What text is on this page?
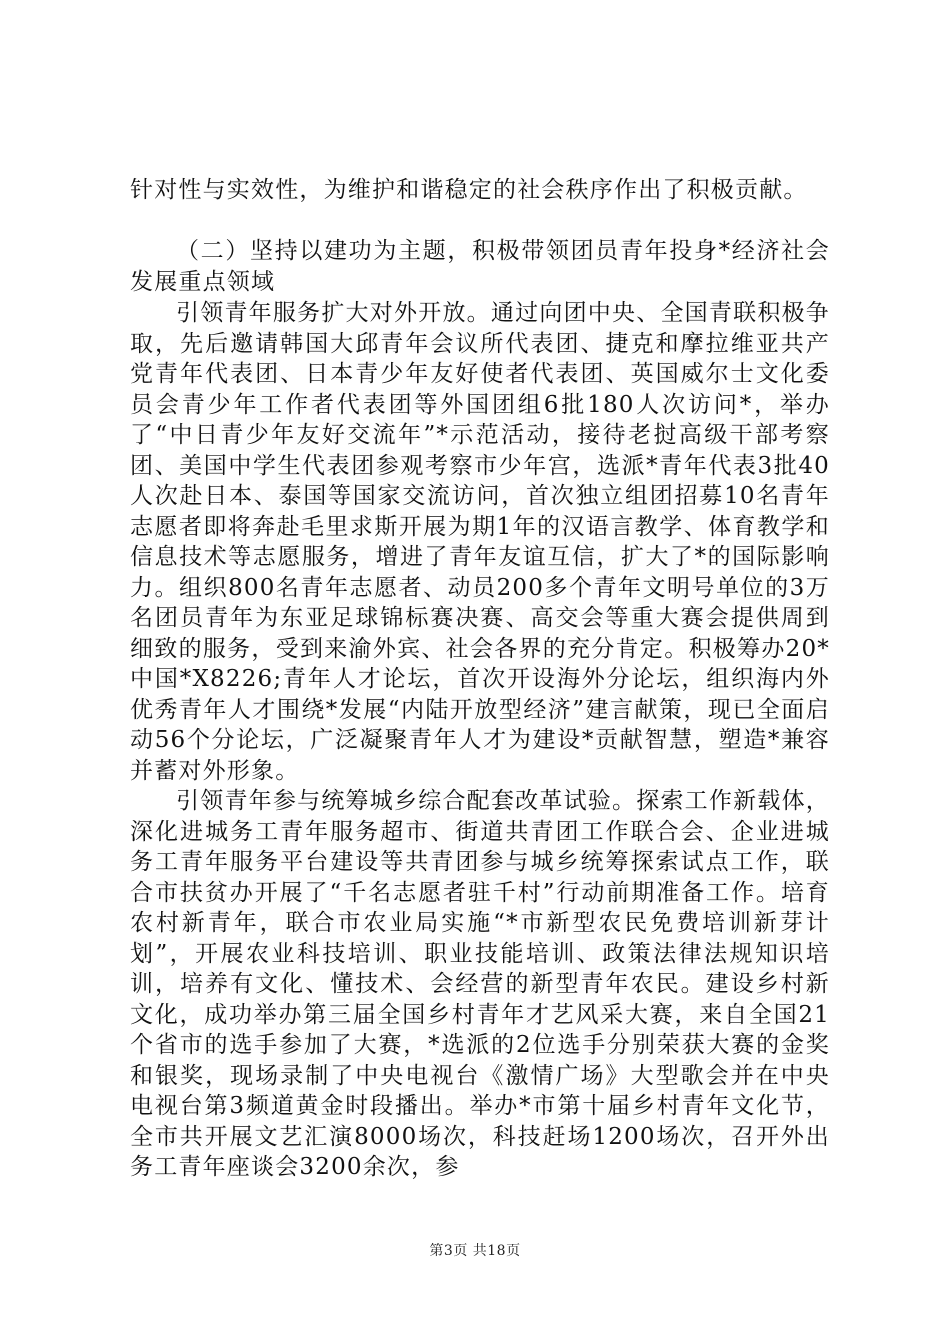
针对性与实效性，为维护和谐稳定的社会秩序作出了积极贡献。

（二）坚持以建功为主题，积极带领团员青年投身*经济社会发展重点领域

引领青年服务扩大对外开放。通过向团中央、全国青联积极争取，先后邀请韩国大邱青年会议所代表团、捷克和摩拉维亚共产党青年代表团、日本青少年友好使者代表团、英国威尔士文化委员会青少年工作者代表团等外国团组6批180人次访问*，举办了“中日青少年友好交流年”*示范活动，接待老挝高级干部考察团、美国中学生代表团参观考察市少年宫，选派*青年代表3批40人次赴日本、泰国等国家交流访问，首次独立组团招募10名青年志愿者即将奔赴毛里求斯开展为期1年的汉语言教学、体育教学和信息技术等志愿服务，增进了青年友谊互信，扩大了*的国际影响力。组织800名青年志愿者、动员200多个青年文明号单位的3万名团员青年为东亚足球锦标赛决赛、高交会等重大赛会提供周到细致的服务，受到来渝外宾、社会各界的充分肯定。积极筹办20*中国*X8226;青年人才论坛，首次开设海外分论坛，组织海内外优秀青年人才围绕*发展“内陆开放型经济”建言献策，现已全面启动56个分论坛，广泛凝聚青年人才为建设*贡献智慧，塑造*兼容并蓄对外形象。

引领青年参与统筹城乡综合配套改革试验。探索工作新载体，深化进城务工青年服务超市、街道共青团工作联合会、企业进城务工青年服务平台建设等共青团参与城乡统筹探索试点工作，联合市扶贫办开展了“千名志愿者驻千村”行动前期准备工作。培育农村新青年，联合市农业局实施“*市新型农民免费培训新芽计划”，开展农业科技培训、职业技能培训、政策法律法规知识培训，培养有文化、懂技术、会经营的新型青年农民。建设乡村新文化，成功举办第三届全国乡村青年才艺风采大赛，来自全国21个省市的选手参加了大赛，*选派的2位选手分别荣获大赛的金奖和银奖，现场录制了中央电视台《激情广场》大型歌会并在中央电视台第3频道黄金时段播出。举办*市第十届乡村青年文化节，全市共开展文艺汇演8000场次，科技赶场1200场次，召开外出务工青年座谈会3200余次，参

第3页 共18页
